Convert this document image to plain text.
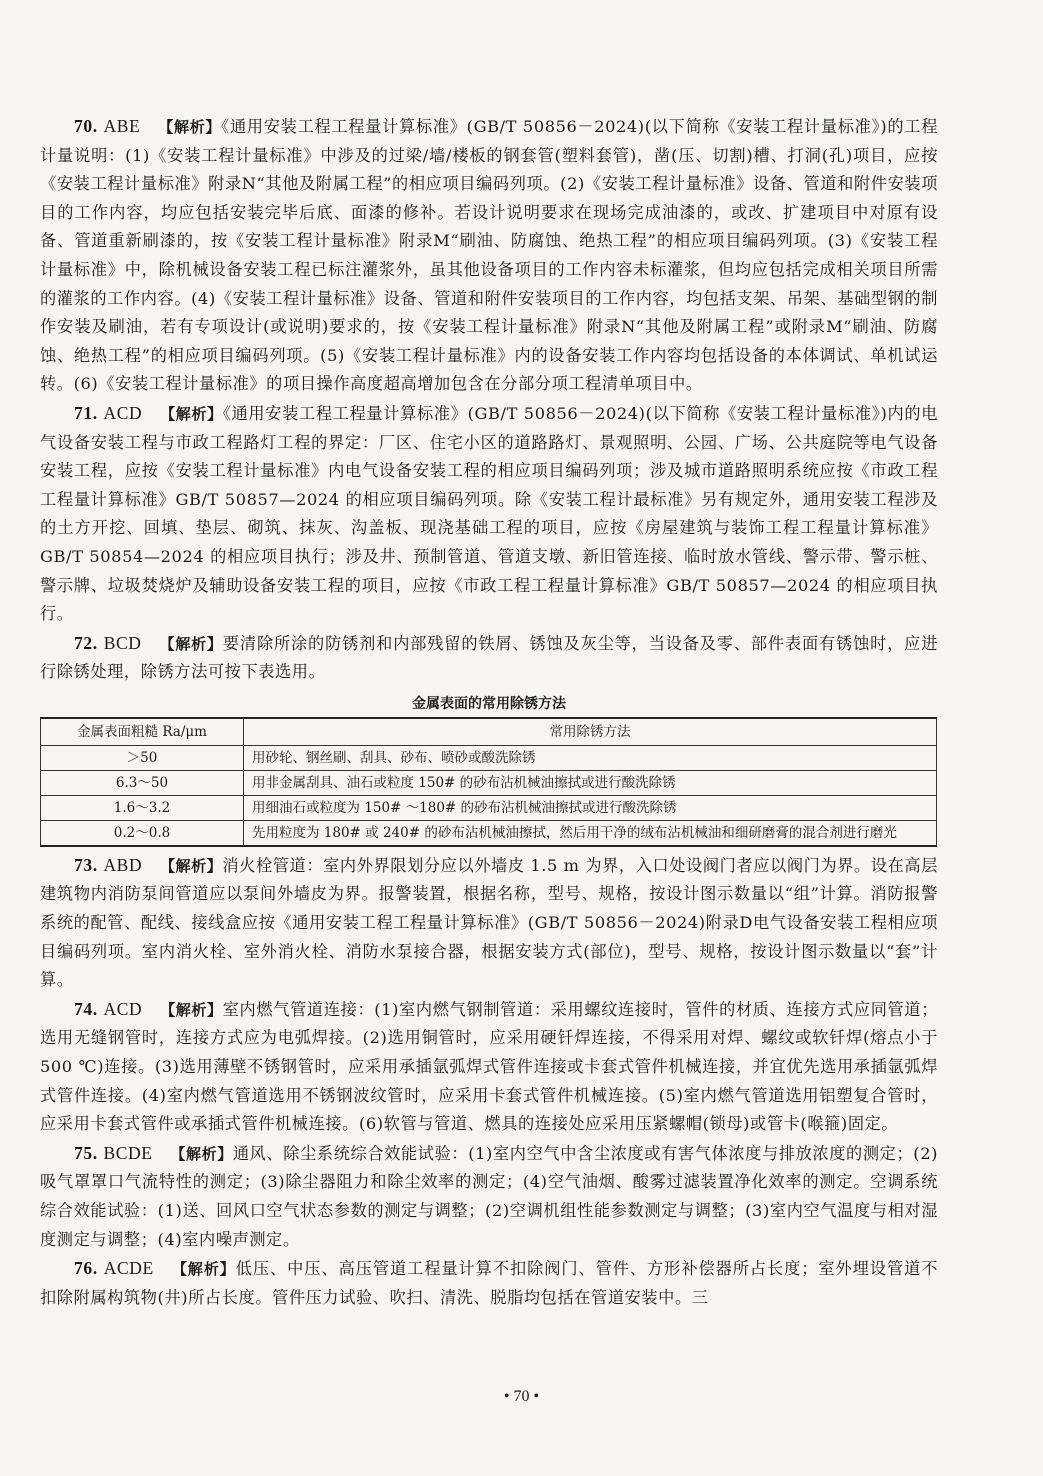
70. ABE 【解析】《通用安装工程工程量计算标准》(GB/T 50856－2024)(以下简称《安装工程计量标准》)的工程计量说明：(1)《安装工程计量标准》中涉及的过梁/墙/楼板的钢套管(塑料套管)，凿(压、切割)槽、打洞(孔)项目，应按《安装工程计量标准》附录N“其他及附属工程”的相应项目编码列项。(2)《安装工程计量标准》设备、管道和附件安装项目的工作内容，均应包括安装完毕后底、面漆的修补。若设计说明要求在现场完成油漆的，或改、扩建项目中对原有设备、管道重新刷漆的，按《安装工程计量标准》附录M“刷油、防腐蚀、绝热工程”的相应项目编码列项。(3)《安装工程计量标准》中，除机械设备安装工程已标注灌浆外，虽其他设备项目的工作内容未标灌浆，但均应包括完成相关项目所需的灌浆的工作内容。(4)《安装工程计量标准》设备、管道和附件安装项目的工作内容，均包括支架、吊架、基础型钢的制作安装及刷油，若有专项设计(或说明)要求的，按《安装工程计量标准》附录N“其他及附属工程”或附录M“刷油、防腐蚀、绝热工程”的相应项目编码列项。(5)《安装工程计量标准》内的设备安装工作内容均包括设备的本体调试、单机试运转。(6)《安装工程计量标准》的项目操作高度超高增加包含在分部分项工程清单项目中。

71. ACD 【解析】《通用安装工程工程量计算标准》(GB/T 50856－2024)(以下简称《安装工程计量标准》)内的电气设备安装工程与市政工程路灯工程的界定：厂区、住宅小区的道路路灯、景观照明、公园、广场、公共庭院等电气设备安装工程，应按《安装工程计量标准》内电气设备安装工程的相应项目编码列项；涉及城市道路照明系统应按《市政工程工程量计算标准》GB/T 50857—2024 的相应项目编码列项。除《安装工程计最标准》另有规定外，通用安装工程涉及的土方开挖、回填、垫层、砌筑、抹灰、沟盖板、现浇基础工程的项目，应按《房屋建筑与装饰工程工程量计算标准》GB/T 50854—2024 的相应项目执行；涉及井、预制管道、管道支墩、新旧管连接、临时放水管线、警示带、警示桩、警示牌、垃圾焚烧炉及辅助设备安装工程的项目，应按《市政工程工程量计算标准》GB/T 50857—2024 的相应项目执行。

72. BCD 【解析】要清除所涂的防锈剂和内部残留的铁屑、锈蚀及灰尘等，当设备及零、部件表面有锈蚀时，应进行除锈处理，除锈方法可按下表选用。

金属表面的常用除锈方法
金属表面粗糙 Ra/μm	常用除锈方法
＞50	用砂轮、钢丝刷、刮具、砂布、喷砂或酸洗除锈
6.3～50	用非金属刮具、油石或粒度 150# 的砂布沾机械油擦拭或进行酸洗除锈
1.6～3.2	用细油石或粒度为 150# ～180# 的砂布沾机械油擦拭或进行酸洗除锈
0.2～0.8	先用粒度为 180# 或 240# 的砂布沾机械油擦拭，然后用干净的绒布沾机械油和细研磨膏的混合剂进行磨光

73. ABD 【解析】消火栓管道：室内外界限划分应以外墙皮 1.5 m 为界，入口处设阀门者应以阀门为界。设在高层建筑物内消防泵间管道应以泵间外墙皮为界。报警装置，根据名称，型号、规格，按设计图示数量以“组”计算。消防报警系统的配管、配线、接线盒应按《通用安装工程工程量计算标准》(GB/T 50856－2024)附录D电气设备安装工程相应项目编码列项。室内消火栓、室外消火栓、消防水泵接合器，根据安装方式(部位)，型号、规格，按设计图示数量以“套”计算。

74. ACD 【解析】室内燃气管道连接：(1)室内燃气钢制管道：采用螺纹连接时，管件的材质、连接方式应同管道；选用无缝钢管时，连接方式应为电弧焊接。(2)选用铜管时，应采用硬钎焊连接，不得采用对焊、螺纹或软钎焊(熔点小于 500 ℃)连接。(3)选用薄壁不锈钢管时，应采用承插氩弧焊式管件连接或卡套式管件机械连接，并宜优先选用承插氩弧焊式管件连接。(4)室内燃气管道选用不锈钢波纹管时，应采用卡套式管件机械连接。(5)室内燃气管道选用铝塑复合管时，应采用卡套式管件或承插式管件机械连接。(6)软管与管道、燃具的连接处应采用压紧螺帽(锁母)或管卡(喉箍)固定。

75. BCDE 【解析】通风、除尘系统综合效能试验：(1)室内空气中含尘浓度或有害气体浓度与排放浓度的测定；(2)吸气罩罩口气流特性的测定；(3)除尘器阻力和除尘效率的测定；(4)空气油烟、酸雾过滤装置净化效率的测定。空调系统综合效能试验：(1)送、回风口空气状态参数的测定与调整；(2)空调机组性能参数测定与调整；(3)室内空气温度与相对湿度测定与调整；(4)室内噪声测定。

76. ACDE 【解析】低压、中压、高压管道工程量计算不扣除阀门、管件、方形补偿器所占长度；室外埋设管道不扣除附属构筑物(井)所占长度。管件压力试验、吹扫、清洗、脱脂均包括在管道安装中。三

• 70 •
